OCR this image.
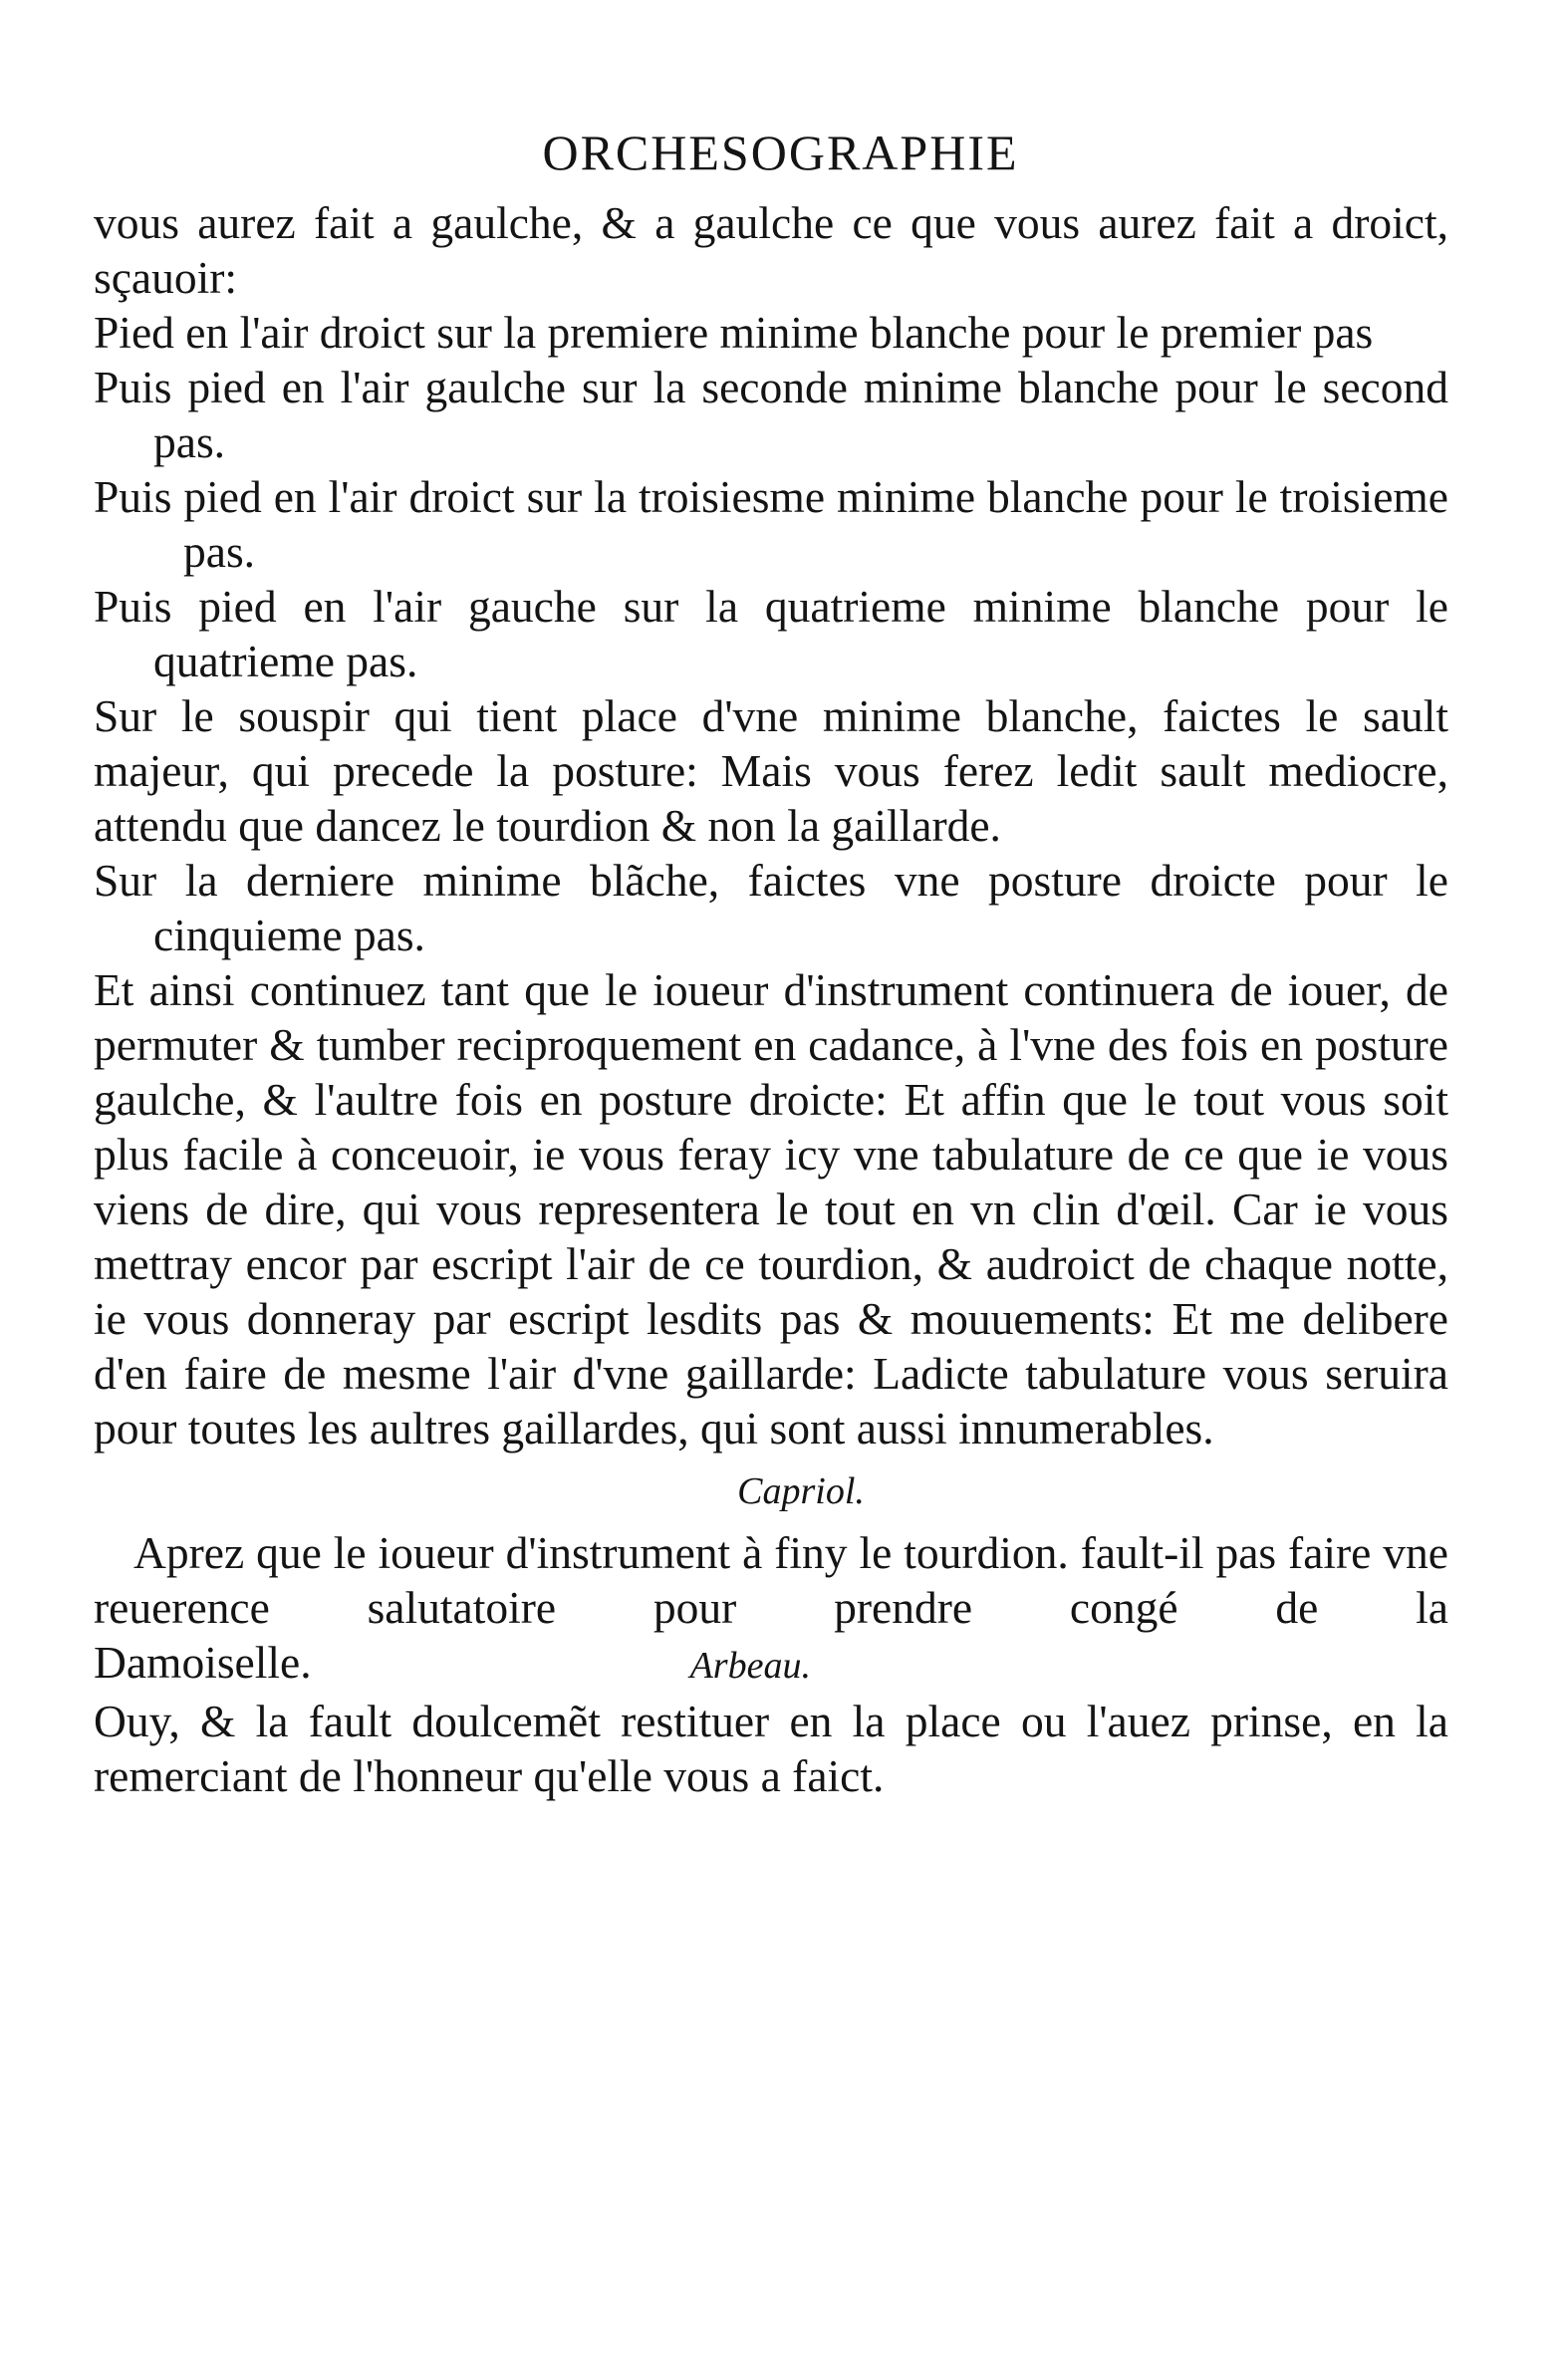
ORCHESOGRAPHIE

vous aurez fait a gaulche, & a gaulche ce que vous aurez fait a droict, sçauoir:

Pied en l'air droict sur la premiere minime blanche pour le premier pas

Puis pied en l'air gaulche sur la seconde minime blanche pour le second pas.

Puis pied en l'air droict sur la troisiesme minime blanche pour le troisieme pas.

Puis pied en l'air gauche sur la quatrieme minime blanche pour le quatrieme pas.

Sur le souspir qui tient place d'vne minime blanche, faictes le sault majeur, qui precede la posture: Mais vous ferez ledit sault mediocre, attendu que dancez le tourdion & non la gaillarde.

Sur la derniere minime blãche, faictes vne posture droicte pour le cinquieme pas.

Et ainsi continuez tant que le ioueur d'instrument continuera de iouer, de permuter & tumber reciproquement en cadance, à l'vne des fois en posture gaulche, & l'aultre fois en posture droicte: Et affin que le tout vous soit plus facile à conceuoir, ie vous feray icy vne tabulature de ce que ie vous viens de dire, qui vous representera le tout en vn clin d'œil. Car ie vous mettray encor par escript l'air de ce tourdion, & audroict de chaque notte, ie vous donneray par escript lesdits pas & mouuements: Et me delibere d'en faire de mesme l'air d'vne gaillarde: Ladicte tabulature vous seruira pour toutes les aultres gaillardes, qui sont aussi innumerables.

Capriol.

Aprez que le ioueur d'instrument à finy le tourdion. fault-il pas faire vne reuerence salutatoire pour prendre congé de la Damoiselle.	Arbeau.

Ouy, & la fault doulcemẽt restituer en la place ou l'auez prinse, en la remerciant de l'honneur qu'elle vous a faict.
